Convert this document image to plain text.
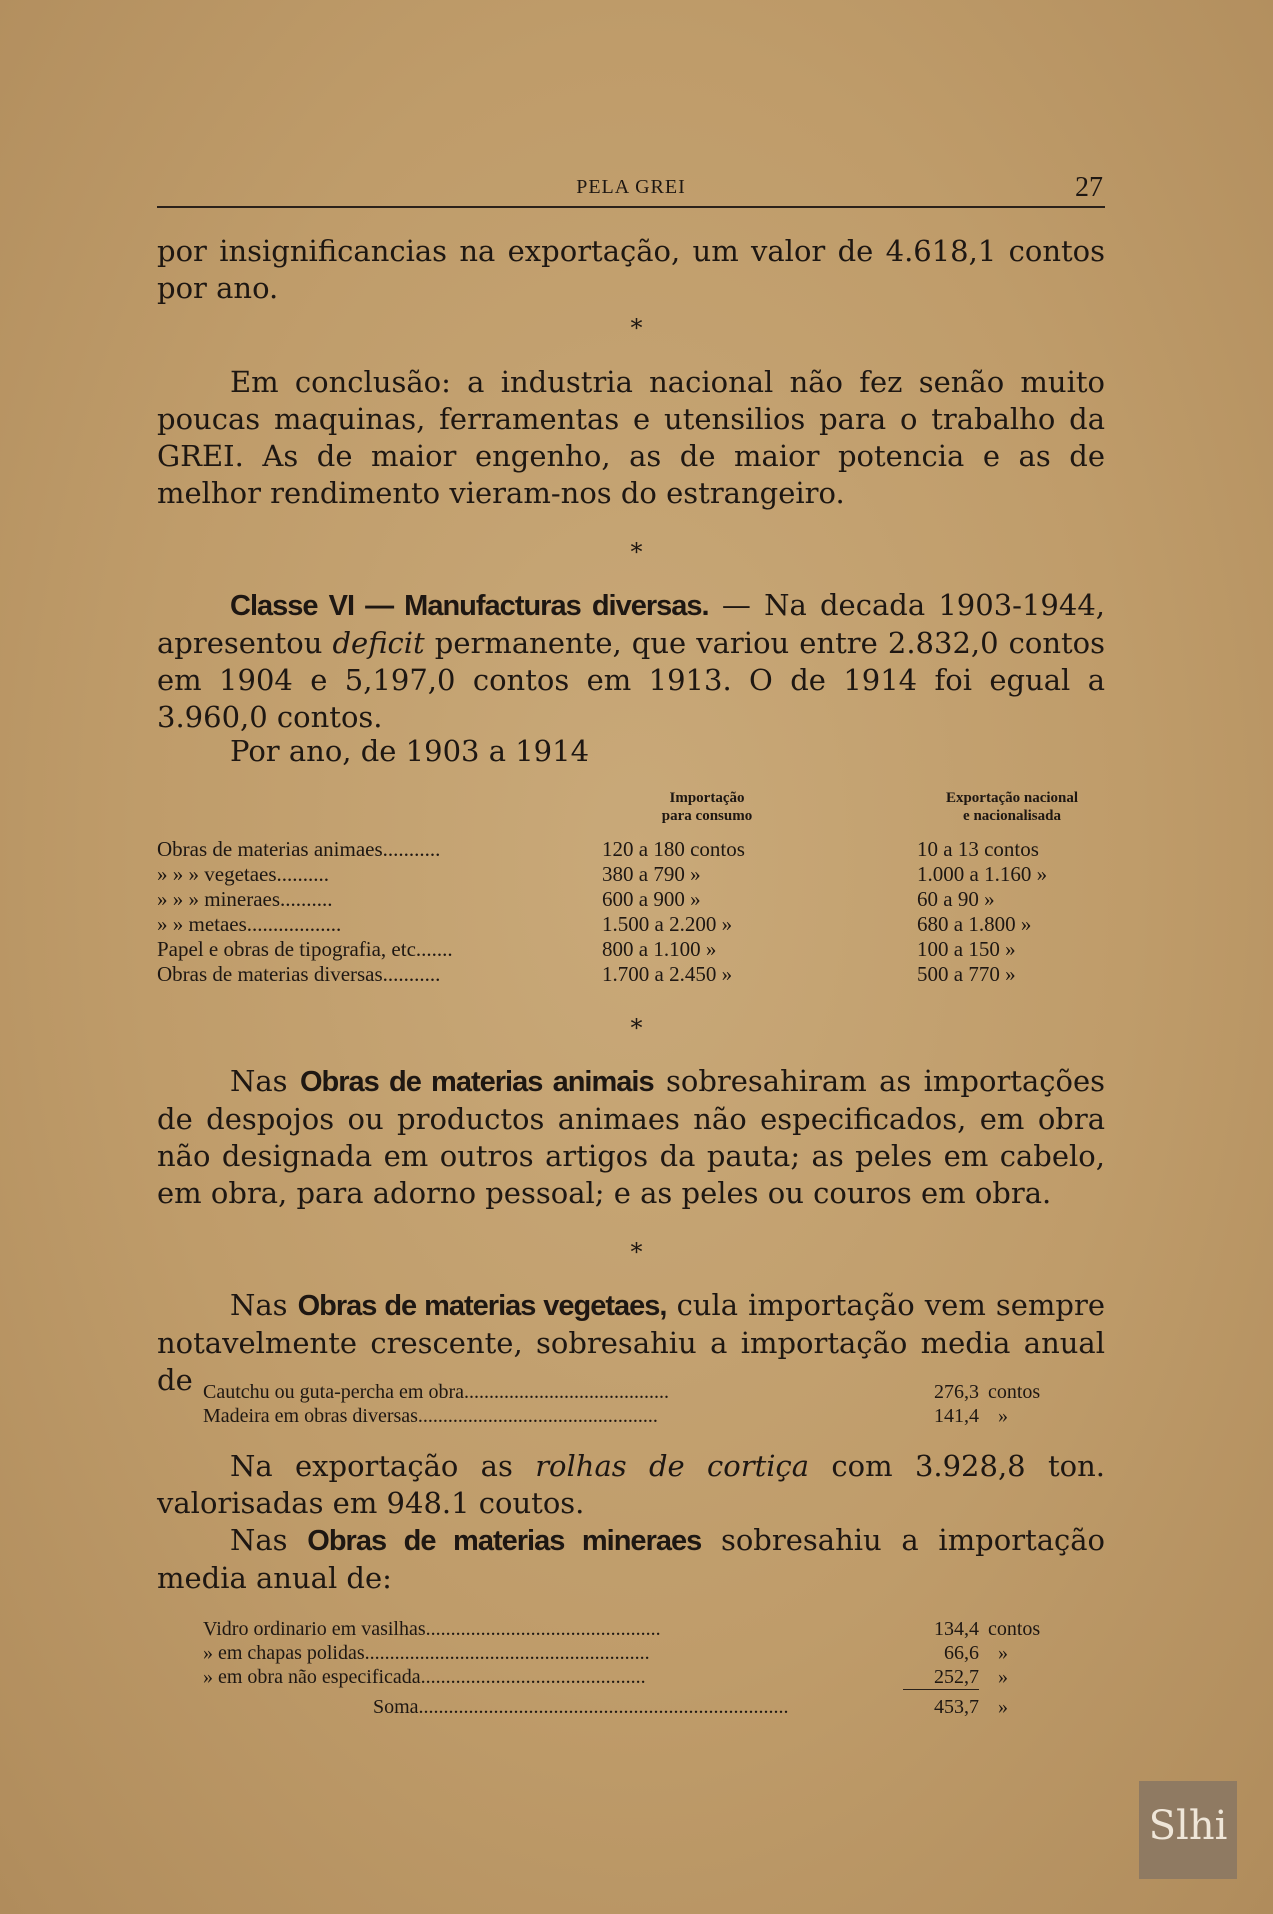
PELA GREI	27
por insignificancias na exportação, um valor de 4.618,1 contos por ano.
*
Em conclusão: a industria nacional não fez senão muito poucas maquinas, ferramentas e utensilios para o trabalho da GREI. As de maior engenho, as de maior potencia e as de melhor rendimento vieram-nos do estrangeiro.
*
Classe VI — Manufacturas diversas. — Na decada 1903-1944, apresentou deficit permanente, que variou entre 2.832,0 contos em 1904 e 5,197,0 contos em 1913. O de 1914 foi egual a 3.960,0 contos.
Por ano, de 1903 a 1914
Importação
para consumo
Exportação nacional
e nacionalisada
Obras de materias animaes...........	120 a 180 contos	10 a 13 contos
» » » vegetaes..........	380 a 790 »	1.000 a 1.160 »
» » » mineraes..........	600 a 900 »	60 a 90 »
» » metaes..................	1.500 a 2.200 »	680 a 1.800 »
Papel e obras de tipografia, etc.......	800 a 1.100 »	100 a 150 »
Obras de materias diversas...........	1.700 a 2.450 »	500 a 770 »
*
Nas Obras de materias animais sobresahiram as importações de despojos ou productos animaes não especificados, em obra não designada em outros artigos da pauta; as peles em cabelo, em obra, para adorno pessoal; e as peles ou couros em obra.
*
Nas Obras de materias vegetaes, cula importação vem sempre notavelmente crescente, sobresahiu a importação media anual de Cautchu ou guta-percha em obra.........................................	276,3 contos
Madeira em obras diversas................................................	141,4 »
Na exportação as rolhas de cortiça com 3.928,8 ton. valorisadas em 948.1 coutos.
Nas Obras de materias mineraes sobresahiu a importação media anual de:
Vidro ordinario em vasilhas...............................................	134,4 contos
» em chapas polidas.........................................................	66,6 »
» em obra não especificada.............................................	252,7 »
Soma..........................................................................	453,7 »
Slhi
